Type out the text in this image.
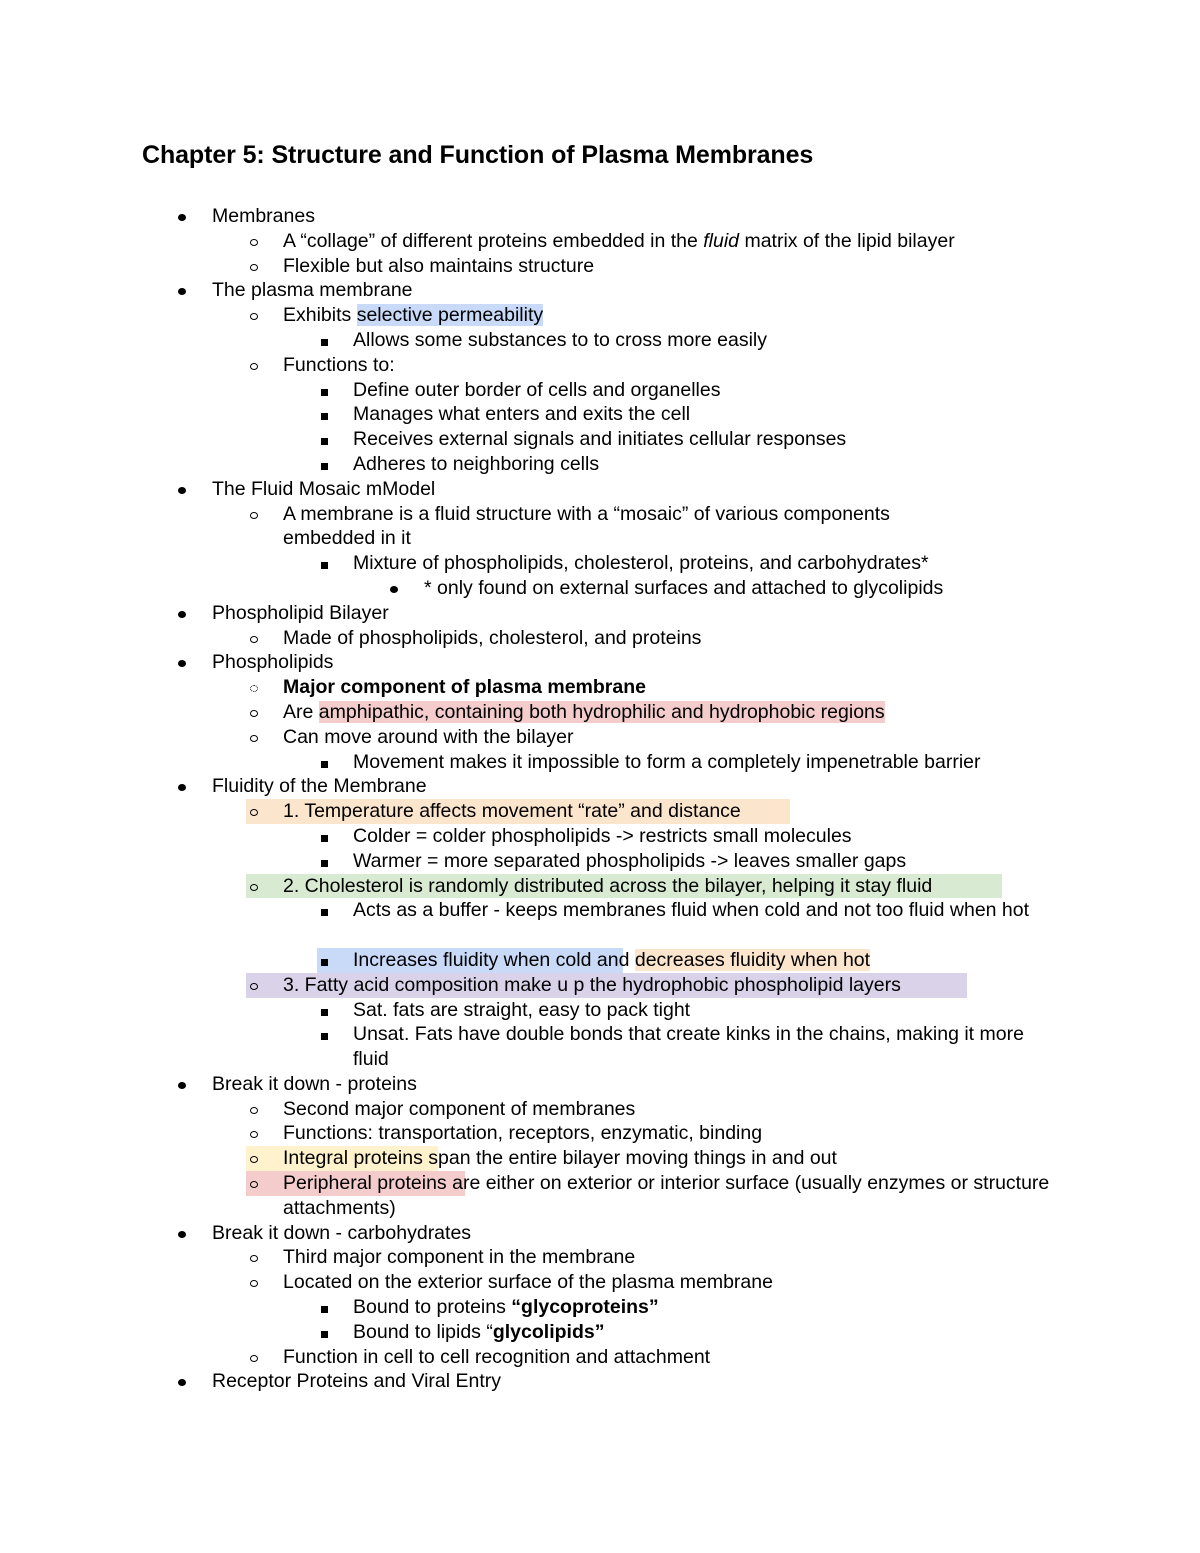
Chapter 5: Structure and Function of Plasma Membranes
Membranes
A “collage” of different proteins embedded in the fluid matrix of the lipid bilayer
Flexible but also maintains structure
The plasma membrane
Exhibits selective permeability
Allows some substances to to cross more easily
Functions to:
Define outer border of cells and organelles
Manages what enters and exits the cell
Receives external signals and initiates cellular responses
Adheres to neighboring cells
The Fluid Mosaic mModel
A membrane is a fluid structure with a “mosaic” of various components embedded in it
Mixture of phospholipids, cholesterol, proteins, and carbohydrates*
* only found on external surfaces and attached to glycolipids
Phospholipid Bilayer
Made of phospholipids, cholesterol, and proteins
Phospholipids
Major component of plasma membrane
Are amphipathic, containing both hydrophilic and hydrophobic regions
Can move around with the bilayer
Movement makes it impossible to form a completely impenetrable barrier
Fluidity of the Membrane
1. Temperature affects movement “rate” and distance
Colder = colder phospholipids -> restricts small molecules
Warmer = more separated phospholipids -> leaves smaller gaps
2. Cholesterol is randomly distributed across the bilayer, helping it stay fluid
Acts as a buffer - keeps membranes fluid when cold and not too fluid when hot
Increases fluidity when cold and decreases fluidity when hot
3. Fatty acid composition make u p the hydrophobic phospholipid layers
Sat. fats are straight, easy to pack tight
Unsat. Fats have double bonds that create kinks in the chains, making it more fluid
Break it down - proteins
Second major component of membranes
Functions: transportation, receptors, enzymatic, binding
Integral proteins span the entire bilayer moving things in and out
Peripheral proteins are either on exterior or interior surface (usually enzymes or structure attachments)
Break it down - carbohydrates
Third major component in the membrane
Located on the exterior surface of the plasma membrane
Bound to proteins “glycoproteins”
Bound to lipids “glycolipids”
Function in cell to cell recognition and attachment
Receptor Proteins and Viral Entry
